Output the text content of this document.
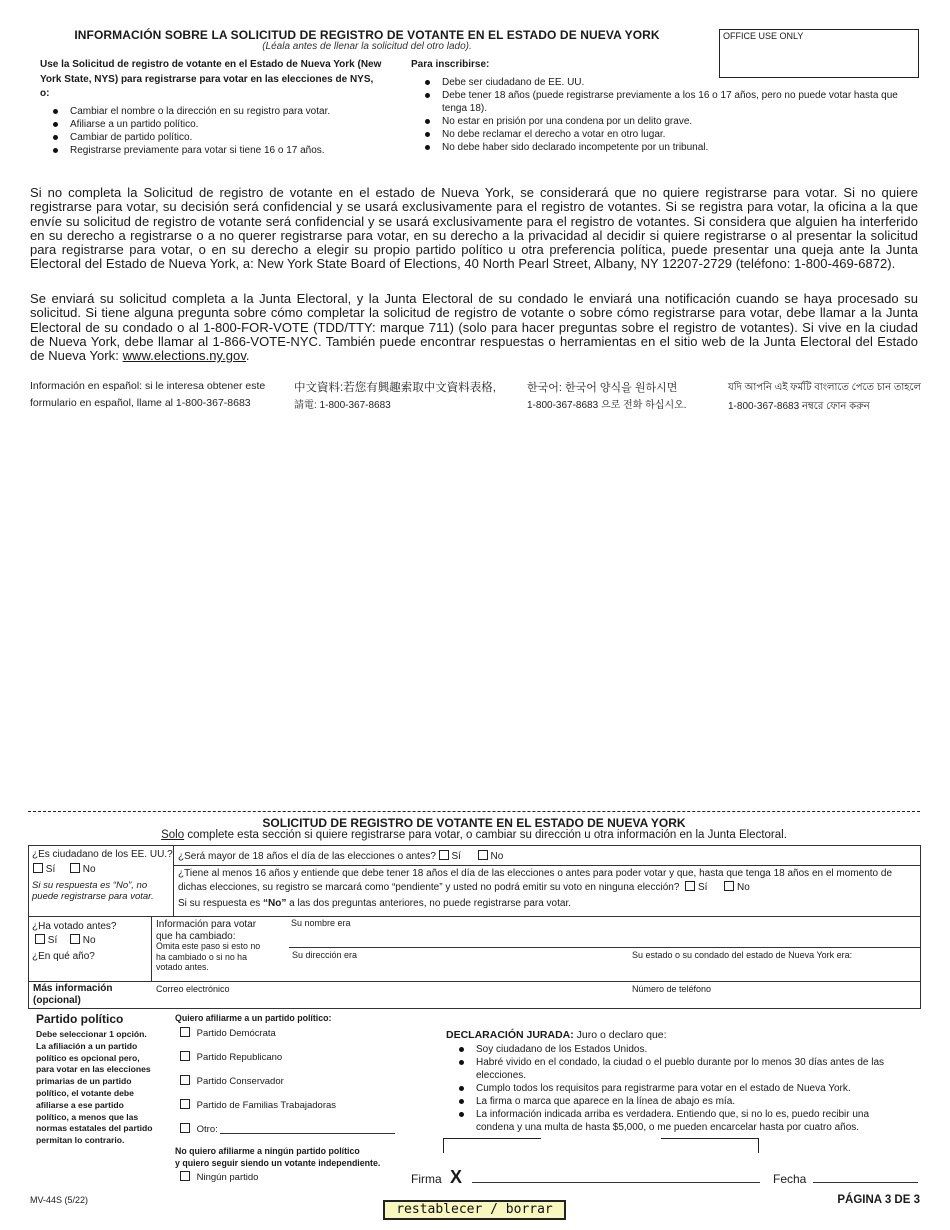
INFORMACIÓN SOBRE LA SOLICITUD DE REGISTRO DE VOTANTE EN EL ESTADO DE NUEVA YORK
(Léala antes de llenar la solicitud del otro lado).
OFFICE USE ONLY
Use la Solicitud de registro de votante en el Estado de Nueva York (New York State, NYS) para registrarse para votar en las elecciones de NYS, o:
Cambiar el nombre o la dirección en su registro para votar.
Afiliarse a un partido político.
Cambiar de partido político.
Registrarse previamente para votar si tiene 16 o 17 años.
Para inscribirse:
Debe ser ciudadano de EE. UU.
Debe tener 18 años (puede registrarse previamente a los 16 o 17 años, pero no puede votar hasta que tenga 18).
No estar en prisión por una condena por un delito grave.
No debe reclamar el derecho a votar en otro lugar.
No debe haber sido declarado incompetente por un tribunal.
Si no completa la Solicitud de registro de votante en el estado de Nueva York, se considerará que no quiere registrarse para votar. Si no quiere registrarse para votar, su decisión será confidencial y se usará exclusivamente para el registro de votantes. Si se registra para votar, la oficina a la que envíe su solicitud de registro de votante será confidencial y se usará exclusivamente para el registro de votantes. Si considera que alguien ha interferido en su derecho a registrarse o a no querer registrarse para votar, en su derecho a la privacidad al decidir si quiere registrarse o al presentar la solicitud para registrarse para votar, o en su derecho a elegir su propio partido político u otra preferencia política, puede presentar una queja ante la Junta Electoral del Estado de Nueva York, a: New York State Board of Elections, 40 North Pearl Street, Albany, NY 12207-2729 (teléfono: 1-800-469-6872).
Se enviará su solicitud completa a la Junta Electoral, y la Junta Electoral de su condado le enviará una notificación cuando se haya procesado su solicitud. Si tiene alguna pregunta sobre cómo completar la solicitud de registro de votante o sobre cómo registrarse para votar, debe llamar a la Junta Electoral de su condado o al 1-800-FOR-VOTE (TDD/TTY: marque 711) (solo para hacer preguntas sobre el registro de votantes). Si vive en la ciudad de Nueva York, debe llamar al 1-866-VOTE-NYC. También puede encontrar respuestas o herramientas en el sitio web de la Junta Electoral del Estado de Nueva York: www.elections.ny.gov.
Información en español: si le interesa obtener este
formulario en español, llame al 1-800-367-8683
中文資料:若您有興趣索取中文資料表格,
請電: 1-800-367-8683
한국어: 한국어 양식을 원하시면
1-800-367-8683 으로 전화 하십시오.
যদি আপনি এই ফর্মটি বাংলাতে পেতে চান তাহলে
1-800-367-8683 নম্বরে ফোন করুন
SOLICITUD DE REGISTRO DE VOTANTE EN EL ESTADO DE NUEVA YORK
Solo complete esta sección si quiere registrarse para votar, o cambiar su dirección u otra información en la Junta Electoral.
¿Es ciudadano de los EE. UU.?
Sí	No
Si su respuesta es “No”, no puede registrarse para votar.
¿Será mayor de 18 años el día de las elecciones o antes? Sí	No
¿Tiene al menos 16 años y entiende que debe tener 18 años el día de las elecciones o antes para poder votar y que, hasta que tenga 18 años en el momento de dichas elecciones, su registro se marcará como “pendiente” y usted no podrá emitir su voto en ninguna elección? Sí	No
Si su respuesta es “No” a las dos preguntas anteriores, no puede registrarse para votar.
¿Ha votado antes?
Sí	No
¿En qué año?
Información para votar
que ha cambiado:
Omita este paso si esto no ha cambiado o si no ha votado antes.
Su nombre era
Su dirección era	Su estado o su condado del estado de Nueva York era:
Más información (opcional)
Correo electrónico	Número de teléfono
Partido político
Debe seleccionar 1 opción. La afiliación a un partido político es opcional pero, para votar en las elecciones primarias de un partido político, el votante debe afiliarse a ese partido político, a menos que las normas estatales del partido permitan lo contrario.
Quiero afiliarme a un partido político:
Partido Demócrata
Partido Republicano
Partido Conservador
Partido de Familias Trabajadoras
Otro:
No quiero afiliarme a ningún partido político
y quiero seguir siendo un votante independiente.
Ningún partido
DECLARACIÓN JURADA: Juro o declaro que:
Soy ciudadano de los Estados Unidos.
Habré vivido en el condado, la ciudad o el pueblo durante por lo menos 30 días antes de las elecciones.
Cumplo todos los requisitos para registrarme para votar en el estado de Nueva York.
La firma o marca que aparece en la línea de abajo es mía.
La información indicada arriba es verdadera. Entiendo que, si no lo es, puedo recibir una condena y una multa de hasta $5,000, o me pueden encarcelar hasta por cuatro años.
Firma X	Fecha
MV-44S (5/22)	PÁGINA 3 DE 3
restablecer / borrar
